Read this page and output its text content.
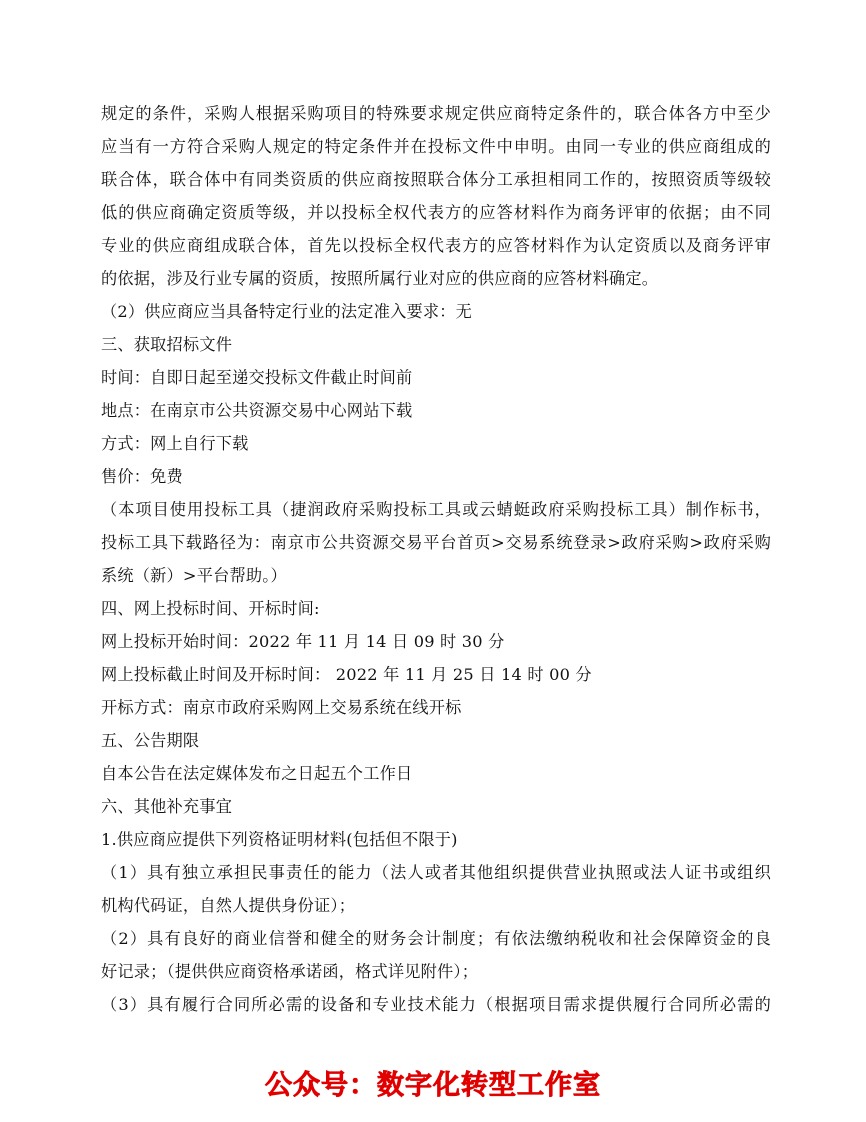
规定的条件，采购人根据采购项目的特殊要求规定供应商特定条件的，联合体各方中至少
应当有一方符合采购人规定的特定条件并在投标文件中申明。由同一专业的供应商组成的
联合体，联合体中有同类资质的供应商按照联合体分工承担相同工作的，按照资质等级较
低的供应商确定资质等级，并以投标全权代表方的应答材料作为商务评审的依据；由不同
专业的供应商组成联合体，首先以投标全权代表方的应答材料作为认定资质以及商务评审
的依据，涉及行业专属的资质，按照所属行业对应的供应商的应答材料确定。
（2）供应商应当具备特定行业的法定准入要求：无
三、获取招标文件
时间：自即日起至递交投标文件截止时间前
地点：在南京市公共资源交易中心网站下载
方式：网上自行下载
售价：免费
（本项目使用投标工具（捷润政府采购投标工具或云蜻蜓政府采购投标工具）制作标书，
投标工具下载路径为：南京市公共资源交易平台首页>交易系统登录>政府采购>政府采购
系统（新）>平台帮助。）
四、网上投标时间、开标时间:
网上投标开始时间：2022 年 11 月 14 日 09 时 30 分
网上投标截止时间及开标时间： 2022 年 11 月 25 日 14 时 00 分
开标方式：南京市政府采购网上交易系统在线开标
五、公告期限
自本公告在法定媒体发布之日起五个工作日
六、其他补充事宜
1.供应商应提供下列资格证明材料(包括但不限于)
（1）具有独立承担民事责任的能力（法人或者其他组织提供营业执照或法人证书或组织
机构代码证，自然人提供身份证）；
（2）具有良好的商业信誉和健全的财务会计制度；有依法缴纳税收和社会保障资金的良
好记录；（提供供应商资格承诺函，格式详见附件）；
（3）具有履行合同所必需的设备和专业技术能力（根据项目需求提供履行合同所必需的
公众号：数字化转型工作室
